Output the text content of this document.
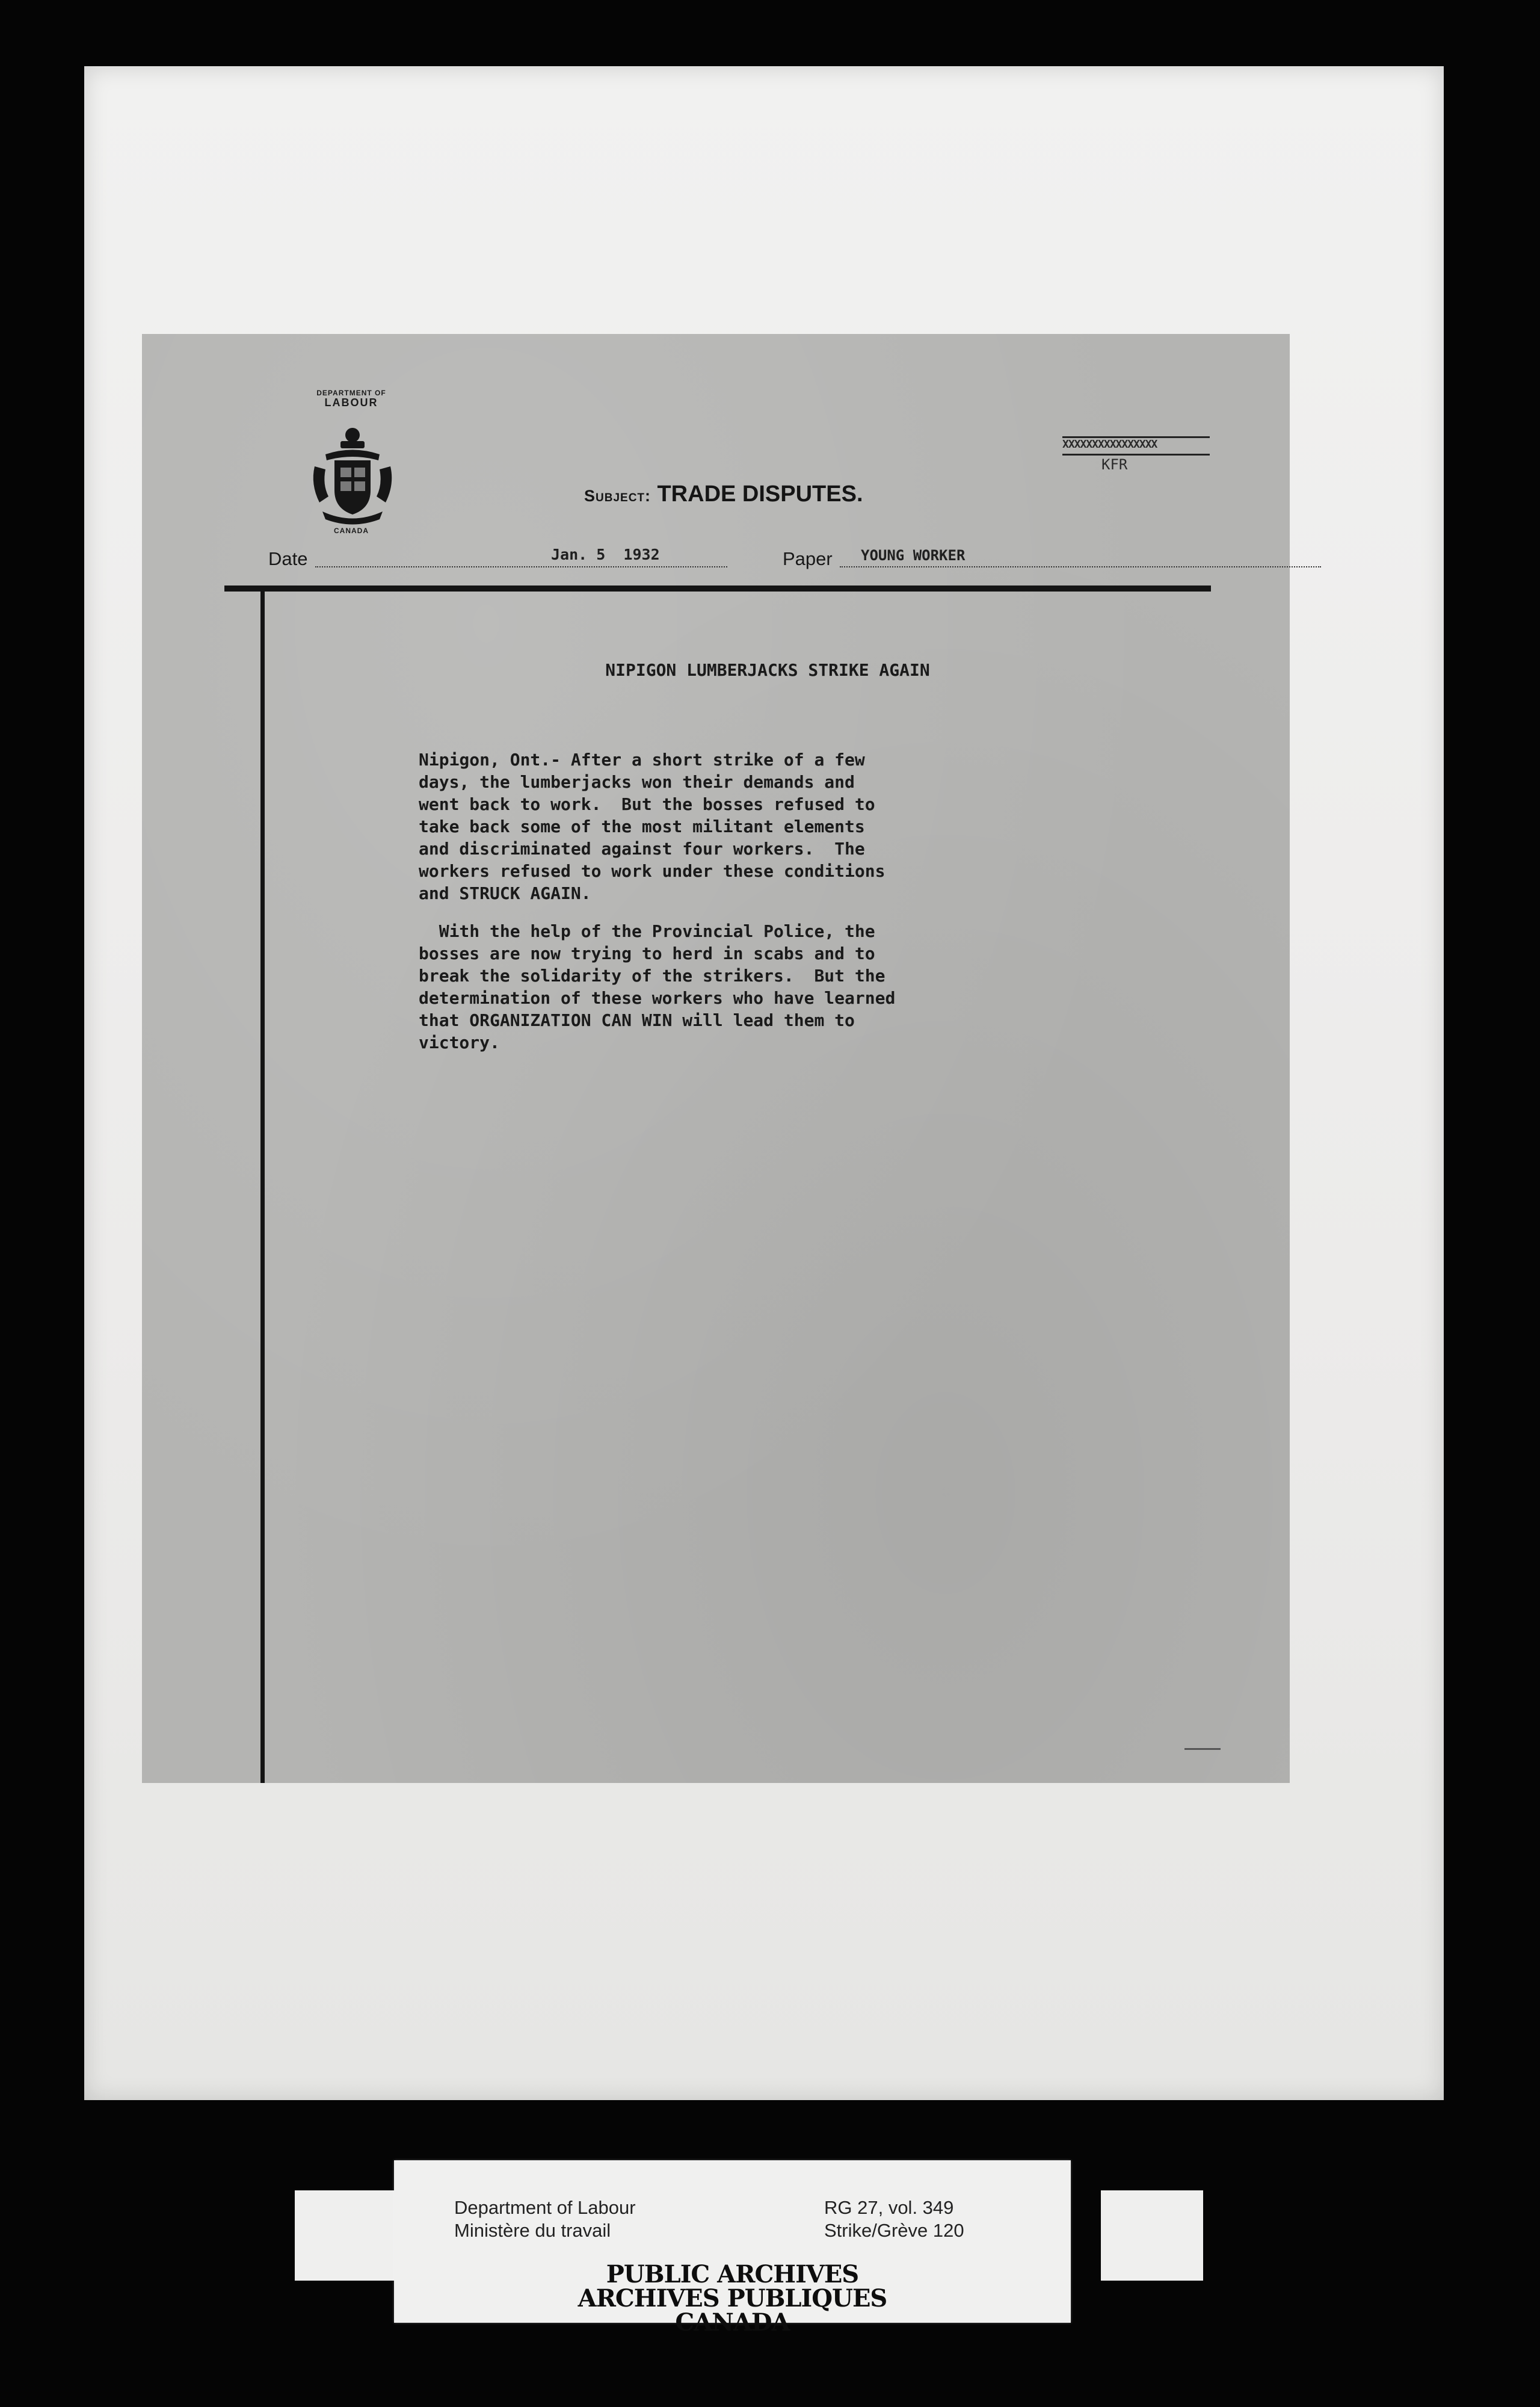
DEPARTMENT OF
LABOUR
CANADA
Subject: TRADE DISPUTES.
XXXXXXXXXXXXXXXX
KFR
Date	Jan. 5  1932	Paper YOUNG WORKER
NIPIGON LUMBERJACKS STRIKE AGAIN

Nipigon, Ont.- After a short strike of a few
days, the lumberjacks won their demands and
went back to work.  But the bosses refused to
take back some of the most militant elements
and discriminated against four workers.  The
workers refused to work under these conditions
and STRUCK AGAIN.

With the help of the Provincial Police, the
bosses are now trying to herd in scabs and to
break the solidarity of the strikers.  But the
determination of these workers who have learned
that ORGANIZATION CAN WIN will lead them to
victory.

Department of Labour
Ministère du travail
RG 27, vol. 349
Strike/Grève 120
PUBLIC ARCHIVES
ARCHIVES PUBLIQUES
CANADA
